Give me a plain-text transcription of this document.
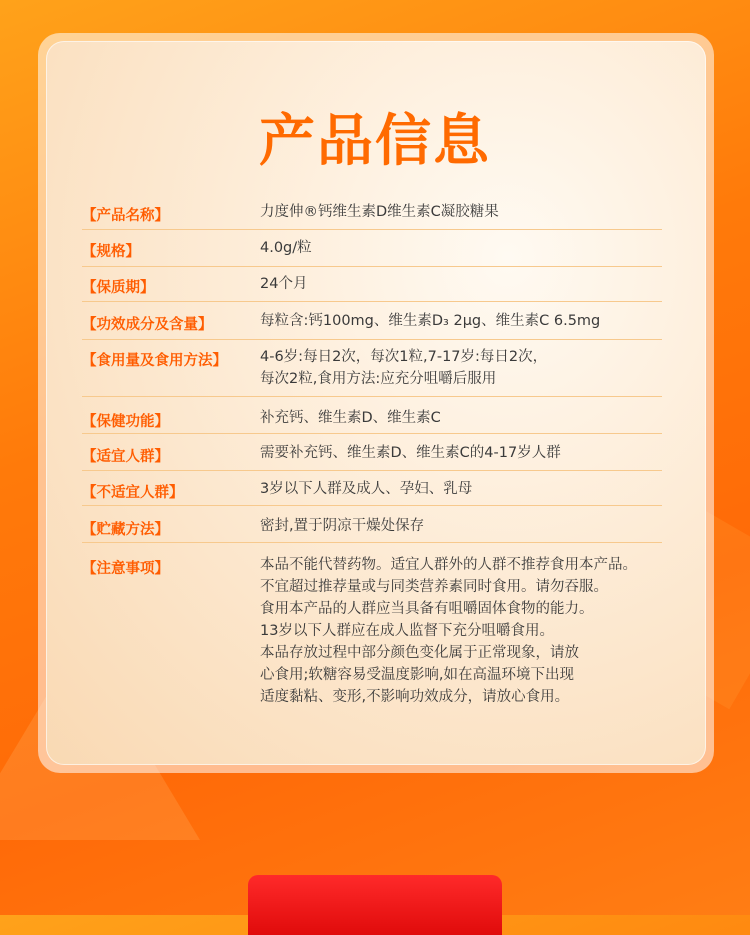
产品信息
【产品名称】	力度伸®钙维生素D维生素C凝胶糖果
【规格】	4.0g/粒
【保质期】	24个月
【功效成分及含量】	每粒含:钙100mg、维生素D₃ 2μg、维生素C 6.5mg
【食用量及食用方法】 4-6岁:每日2次，每次1粒,7-17岁:每日2次，
每次2粒,食用方法:应充分咀嚼后服用
【保健功能】	补充钙、维生素D、维生素C
【适宜人群】	需要补充钙、维生素D、维生素C的4-17岁人群
【不适宜人群】	3岁以下人群及成人、孕妇、乳母
【贮藏方法】	密封,置于阴凉干燥处保存
【注意事项】	本品不能代替药物。适宜人群外的人群不推荐食用本产品。
不宜超过推荐量或与同类营养素同时食用。请勿吞服。
食用本产品的人群应当具备有咀嚼固体食物的能力。
13岁以下人群应在成人监督下充分咀嚼食用。
本品存放过程中部分颜色变化属于正常现象，请放
心食用;软糖容易受温度影响,如在高温环境下出现
适度黏粘、变形,不影响功效成分，请放心食用。
